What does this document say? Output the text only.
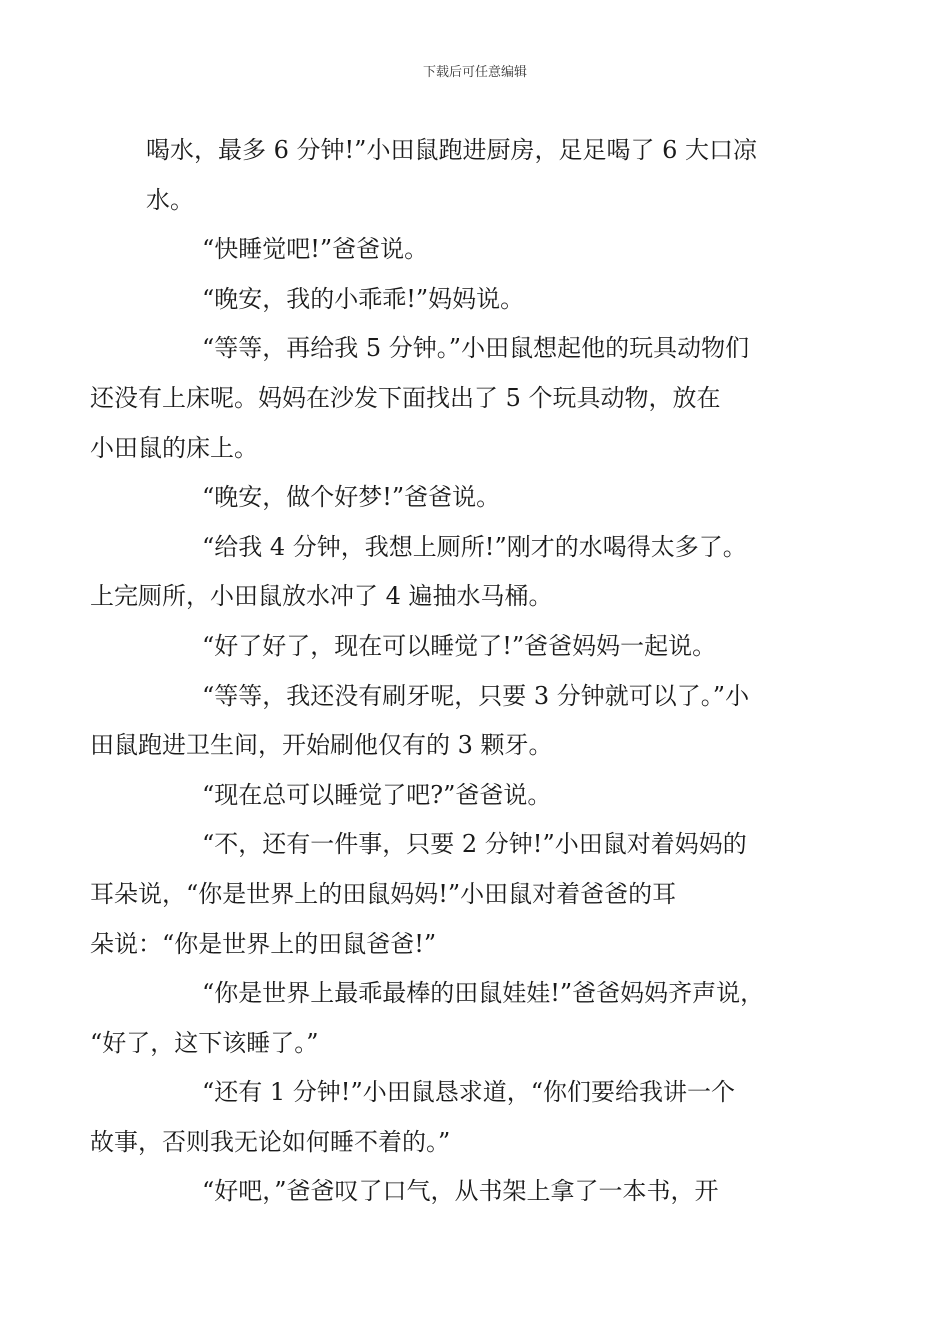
下载后可任意编辑
喝水，最多 6 分钟!”小田鼠跑进厨房，足足喝了 6 大口凉
水。
“快睡觉吧!”爸爸说。
“晚安，我的小乖乖!”妈妈说。
“等等，再给我 5 分钟。”小田鼠想起他的玩具动物们
还没有上床呢。妈妈在沙发下面找出了 5 个玩具动物，放在
小田鼠的床上。
“晚安，做个好梦!”爸爸说。
“给我 4 分钟，我想上厕所!”刚才的水喝得太多了。
上完厕所，小田鼠放水冲了 4 遍抽水马桶。
“好了好了，现在可以睡觉了!”爸爸妈妈一起说。
“等等，我还没有刷牙呢，只要 3 分钟就可以了。”小
田鼠跑进卫生间，开始刷他仅有的 3 颗牙。
“现在总可以睡觉了吧?”爸爸说。
“不，还有一件事，只要 2 分钟!”小田鼠对着妈妈的
耳朵说，“你是世界上的田鼠妈妈!”小田鼠对着爸爸的耳
朵说：“你是世界上的田鼠爸爸!”
“你是世界上最乖最棒的田鼠娃娃!”爸爸妈妈齐声说，
“好了，这下该睡了。”
“还有 1 分钟!”小田鼠恳求道，“你们要给我讲一个
故事，否则我无论如何睡不着的。”
“好吧，”爸爸叹了口气，从书架上拿了一本书，开
